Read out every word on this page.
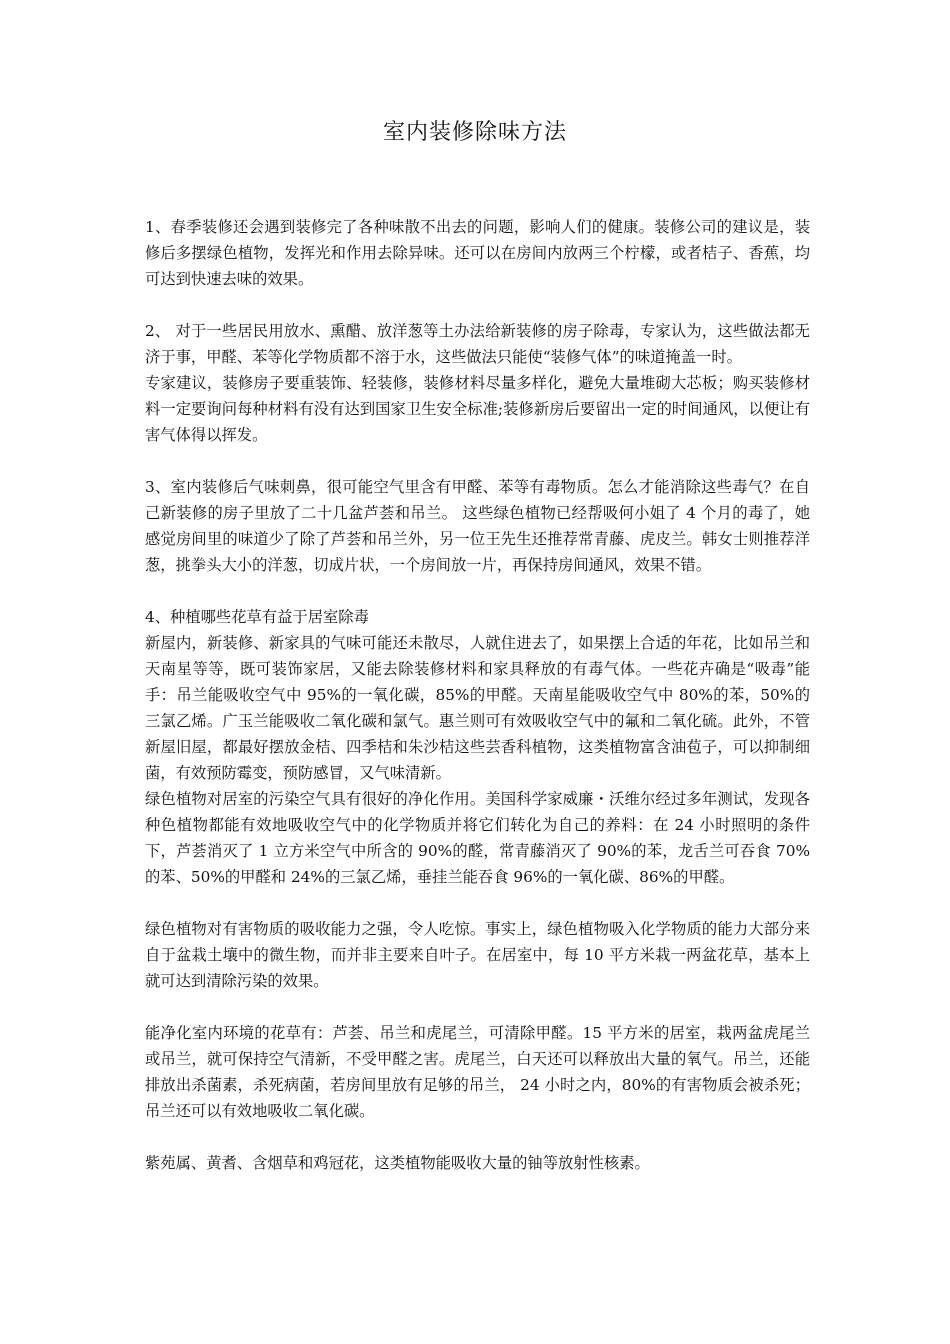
室内装修除味方法

1、春季装修还会遇到装修完了各种味散不出去的问题，影响人们的健康。装修公司的建议是，装修后多摆绿色植物，发挥光和作用去除异味。还可以在房间内放两三个柠檬，或者桔子、香蕉，均可达到快速去味的效果。

2、 对于一些居民用放水、熏醋、放洋葱等土办法给新装修的房子除毒，专家认为，这些做法都无济于事，甲醛、苯等化学物质都不溶于水，这些做法只能使“装修气体”的味道掩盖一时。

专家建议，装修房子要重装饰、轻装修，装修材料尽量多样化，避免大量堆砌大芯板；购买装修材料一定要询问每种材料有没有达到国家卫生安全标准;装修新房后要留出一定的时间通风，以便让有害气体得以挥发。

3、室内装修后气味刺鼻，很可能空气里含有甲醛、苯等有毒物质。怎么才能消除这些毒气？在自己新装修的房子里放了二十几盆芦荟和吊兰。 这些绿色植物已经帮吸何小姐了 4 个月的毒了，她感觉房间里的味道少了除了芦荟和吊兰外，另一位王先生还推荐常青藤、虎皮兰。韩女士则推荐洋葱，挑拳头大小的洋葱，切成片状，一个房间放一片，再保持房间通风，效果不错。

4、种植哪些花草有益于居室除毒

新屋内，新装修、新家具的气味可能还未散尽，人就住进去了，如果摆上合适的年花，比如吊兰和天南星等等，既可装饰家居，又能去除装修材料和家具释放的有毒气体。一些花卉确是“吸毒”能手：吊兰能吸收空气中 95%的一氧化碳，85%的甲醛。天南星能吸收空气中 80%的苯，50%的三氯乙烯。广玉兰能吸收二氧化碳和氯气。惠兰则可有效吸收空气中的氟和二氧化硫。此外，不管新屋旧屋，都最好摆放金桔、四季桔和朱沙桔这些芸香科植物，这类植物富含油苞子，可以抑制细菌，有效预防霉变，预防感冒，又气味清新。

绿色植物对居室的污染空气具有很好的净化作用。美国科学家威廉・沃维尔经过多年测试，发现各种色植物都能有效地吸收空气中的化学物质并将它们转化为自己的养料：在 24 小时照明的条件下，芦荟消灭了 1 立方米空气中所含的 90%的醛，常青藤消灭了 90%的苯，龙舌兰可吞食 70%的苯、50%的甲醛和 24%的三氯乙烯，垂挂兰能吞食 96%的一氧化碳、86%的甲醛。

绿色植物对有害物质的吸收能力之强，令人吃惊。事实上，绿色植物吸入化学物质的能力大部分来自于盆栽土壤中的微生物，而并非主要来自叶子。在居室中，每 10 平方米栽一两盆花草，基本上就可达到清除污染的效果。

能净化室内环境的花草有：芦荟、吊兰和虎尾兰，可清除甲醛。15 平方米的居室，栽两盆虎尾兰或吊兰，就可保持空气清新，不受甲醛之害。虎尾兰，白天还可以释放出大量的氧气。吊兰，还能排放出杀菌素，杀死病菌，若房间里放有足够的吊兰， 24 小时之内，80%的有害物质会被杀死；吊兰还可以有效地吸收二氧化碳。

紫苑属、黄耆、含烟草和鸡冠花，这类植物能吸收大量的铀等放射性核素。
